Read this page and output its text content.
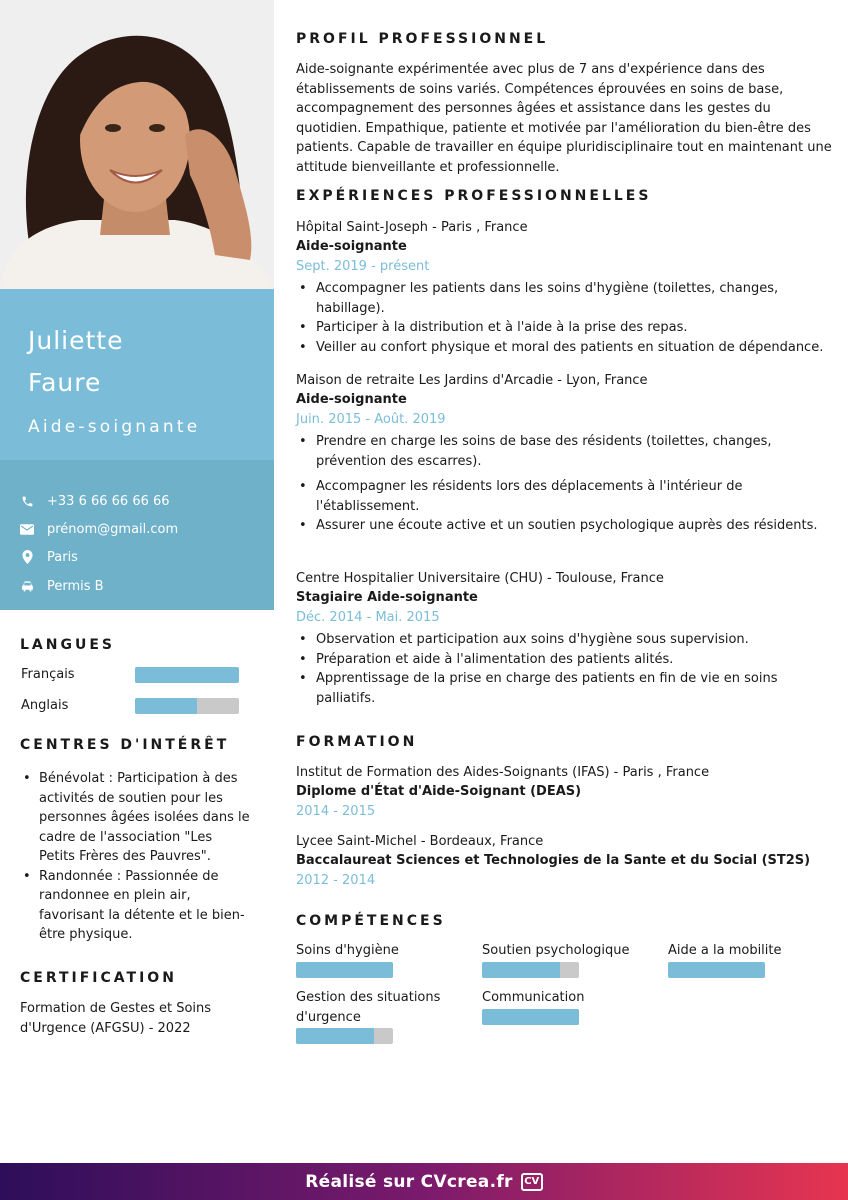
Juliette
Faure
Aide-soignante
+33 6 66 66 66 66
prénom@gmail.com
Paris
Permis B
LANGUES
Français
Anglais
CENTRES D'INTÉRÊT
• Bénévolat : Participation à des activités de soutien pour les personnes âgées isolées dans le cadre de l'association "Les Petits Frères des Pauvres".
• Randonnée : Passionnée de randonnee en plein air, favorisant la détente et le bien-être physique.
CERTIFICATION
Formation de Gestes et Soins d'Urgence (AFGSU) - 2022
PROFIL PROFESSIONNEL
Aide-soignante expérimentée avec plus de 7 ans d'expérience dans des établissements de soins variés. Compétences éprouvées en soins de base, accompagnement des personnes âgées et assistance dans les gestes du quotidien. Empathique, patiente et motivée par l'amélioration du bien-être des patients. Capable de travailler en équipe pluridisciplinaire tout en maintenant une attitude bienveillante et professionnelle.
EXPÉRIENCES PROFESSIONNELLES
Hôpital Saint-Joseph - Paris , France
Aide-soignante
Sept. 2019 - présent
• Accompagner les patients dans les soins d'hygiène (toilettes, changes, habillage).
• Participer à la distribution et à l'aide à la prise des repas.
• Veiller au confort physique et moral des patients en situation de dépendance.
Maison de retraite Les Jardins d'Arcadie - Lyon, France
Aide-soignante
Juin. 2015 - Août. 2019
• Prendre en charge les soins de base des résidents (toilettes, changes, prévention des escarres).
• Accompagner les résidents lors des déplacements à l'intérieur de l'établissement.
• Assurer une écoute active et un soutien psychologique auprès des résidents.
Centre Hospitalier Universitaire (CHU) - Toulouse, France
Stagiaire Aide-soignante
Déc. 2014 - Mai. 2015
• Observation et participation aux soins d'hygiène sous supervision.
• Préparation et aide à l'alimentation des patients alités.
• Apprentissage de la prise en charge des patients en fin de vie en soins palliatifs.
FORMATION
Institut de Formation des Aides-Soignants (IFAS) - Paris , France
Diplome d'État d'Aide-Soignant (DEAS)
2014 - 2015
Lycee Saint-Michel - Bordeaux, France
Baccalaureat Sciences et Technologies de la Sante et du Social (ST2S)
2012 - 2014
COMPÉTENCES
Soins d'hygiène	Soutien psychologique	Aide a la mobilite
Gestion des situations d'urgence
Communication
Réalisé sur CVcrea.fr	CV
